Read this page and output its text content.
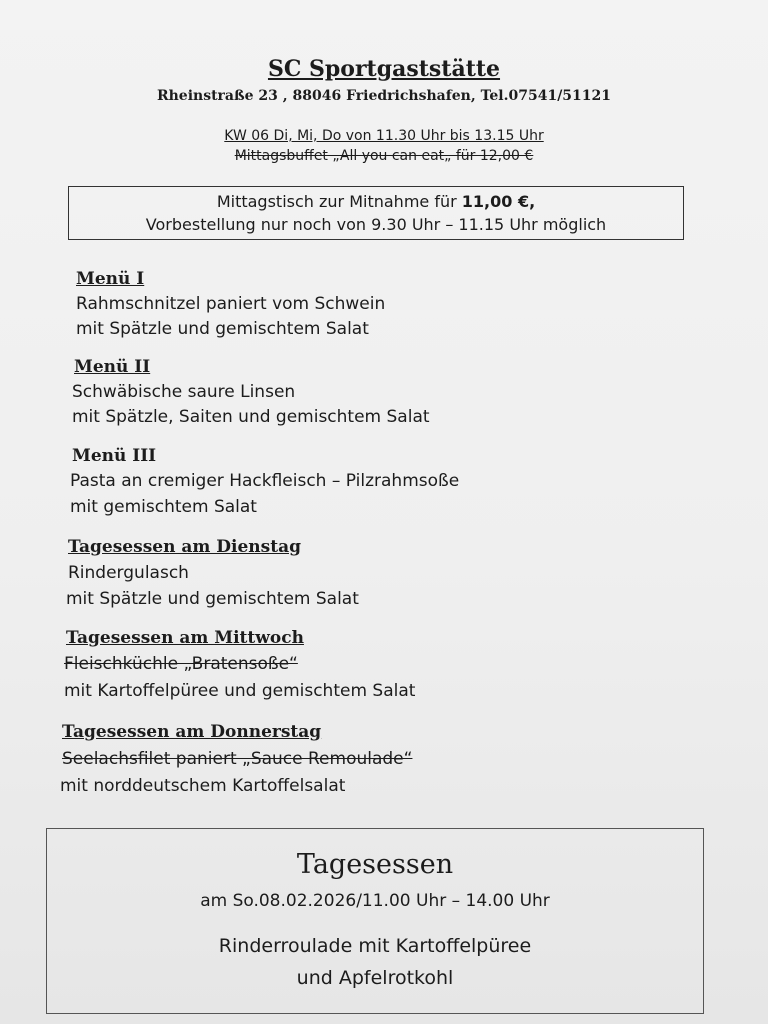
SC Sportgaststätte
Rheinstraße 23 , 88046 Friedrichshafen, Tel.07541/51121
KW 06 Di, Mi, Do von 11.30 Uhr bis 13.15 Uhr
Mittagsbuffet „All you can eat„ für 12,00 €
Mittagstisch zur Mitnahme für 11,00 €,
Vorbestellung nur noch von 9.30 Uhr – 11.15 Uhr möglich
Menü I
Rahmschnitzel paniert vom Schwein
mit Spätzle und gemischtem Salat
Menü II
Schwäbische saure Linsen
mit Spätzle, Saiten und gemischtem Salat
Menü III
Pasta an cremiger Hackfleisch – Pilzrahmsoße
mit gemischtem Salat
Tagesessen am Dienstag
Rindergulasch
mit Spätzle und gemischtem Salat
Tagesessen am Mittwoch
Fleischküchle „Bratensoße“
mit Kartoffelpüree und gemischtem Salat
Tagesessen am Donnerstag
Seelachsfilet paniert „Sauce Remoulade“
mit norddeutschem Kartoffelsalat
Tagesessen
am So.08.02.2026/11.00 Uhr – 14.00 Uhr
Rinderroulade mit Kartoffelpüree
und Apfelrotkohl
